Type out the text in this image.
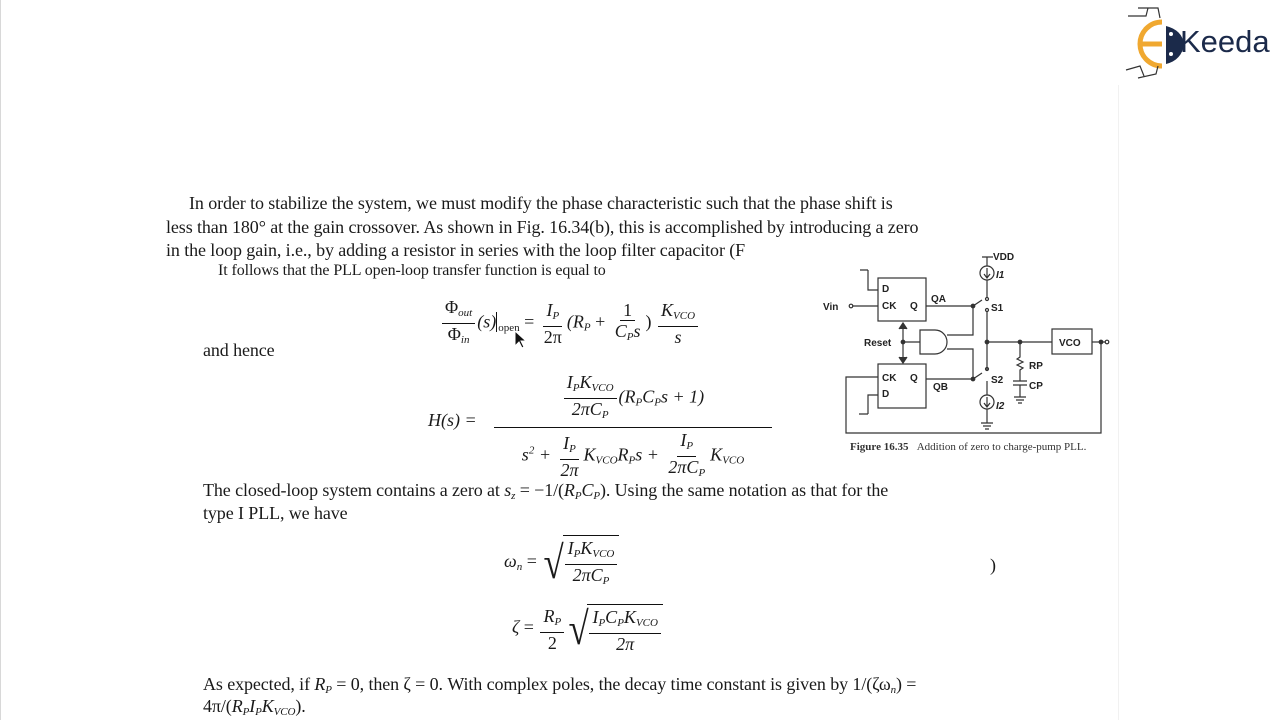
Keeda
In order to stabilize the system, we must modify the phase characteristic such that the phase shift is
less than 180° at the gain crossover. As shown in Fig. 16.34(b), this is accomplished by introducing a zero
in the loop gain, i.e., by adding a resistor in series with the loop filter capacitor (F
It follows that the PLL open-loop transfer function is equal to
$\frac{\Phi_{out}}{\Phi_{in}} (s) _{open} = \frac{I_P}{2\pi} (R_P + \frac{1}{C_Ps}$ ) $\frac{K_{VCO}}{s}$
and hence
H(s) =	$\frac{I_PK_{VCO}}{2\pi C_P} (R_PC_Ps + 1)$
$s^2 + \frac{I_P}{2\pi} K_{VCO}R_Ps + \frac{I_P}{2\pi C_P} K_{VCO}$
The closed-loop system contains a zero at $s_z = -1/(R_PC_P)$. Using the same notation as that for the
type I PLL, we have
$\omega_n$ = √ $\frac{I_PK_{VCO}}{2\pi C_P}$	)
$\zeta = \frac{R_P}{2}$ √ $\frac{I_PC_PK_{VCO}}{2\pi}$
As expected, if $R_P = 0$, then ζ = 0. With complex poles, the decay time constant is given by $1/(\zeta\omega_n)$ =
$4\pi/(R_PI_PK_{VCO})$.
VDD
I1
S1
S2
I2
D
CK Q
QA
CK
D
Q
QB
Vin
Reset	VCO
RP
CP
Figure 16.35 Addition of zero to charge-pump PLL.
